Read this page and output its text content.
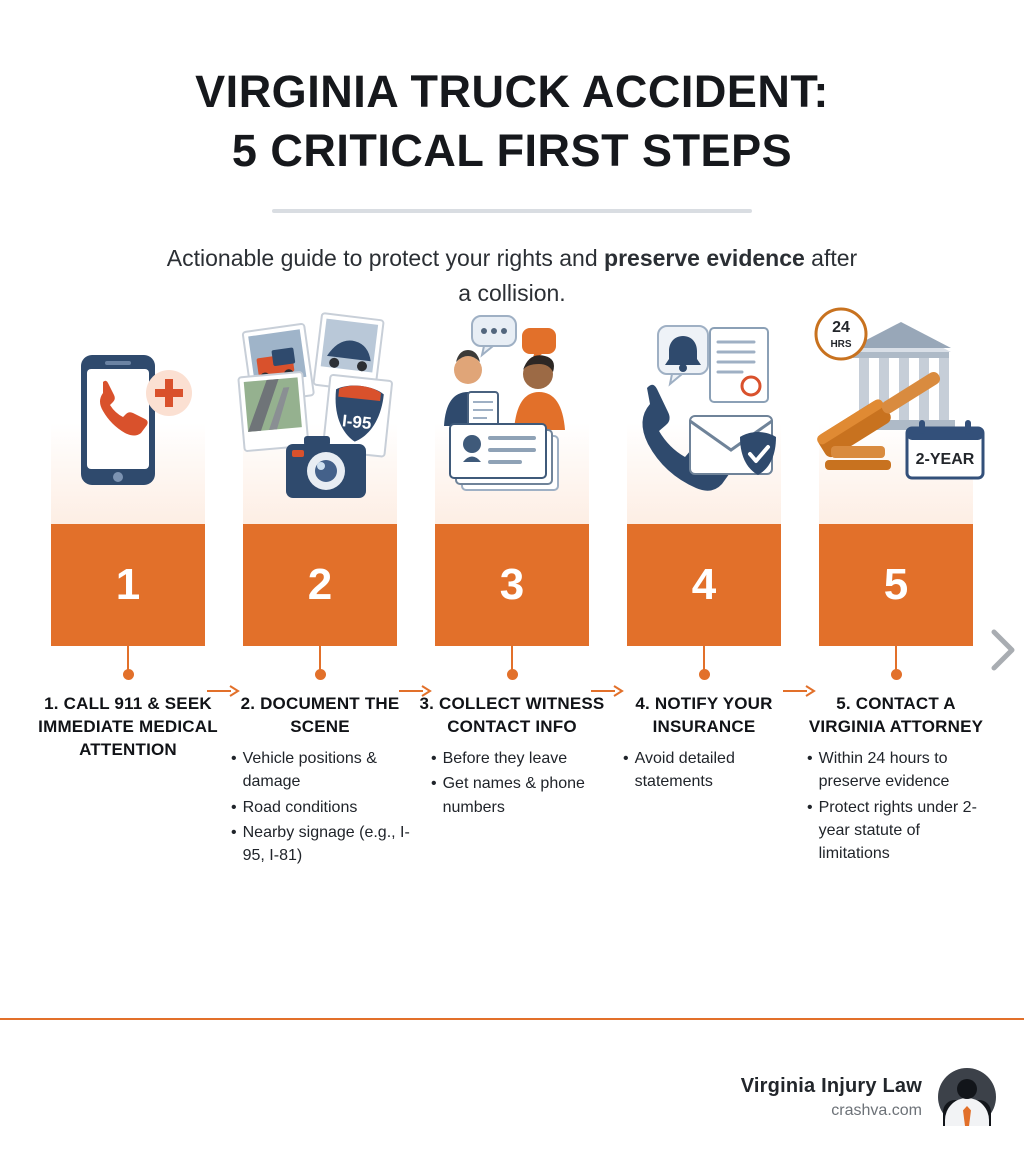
VIRGINIA TRUCK ACCIDENT:
5 CRITICAL FIRST STEPS

Actionable guide to protect your rights and preserve evidence after a collision.

1
1. CALL 911 & SEEK IMMEDIATE MEDICAL ATTENTION
I-95
2
2. DOCUMENT THE SCENE
• Vehicle positions & damage
• Road conditions
• Nearby signage (e.g., I-95, I-81)
3
3. COLLECT WITNESS CONTACT INFO
• Before they leave
• Get names & phone numbers
4
4. NOTIFY YOUR INSURANCE
• Avoid detailed statements
24
HRS
2-YEAR
5
5. CONTACT A VIRGINIA ATTORNEY
• Within 24 hours to preserve evidence
• Protect rights under 2-year statute of limitations
Virginia Injury Law
crashva.com
